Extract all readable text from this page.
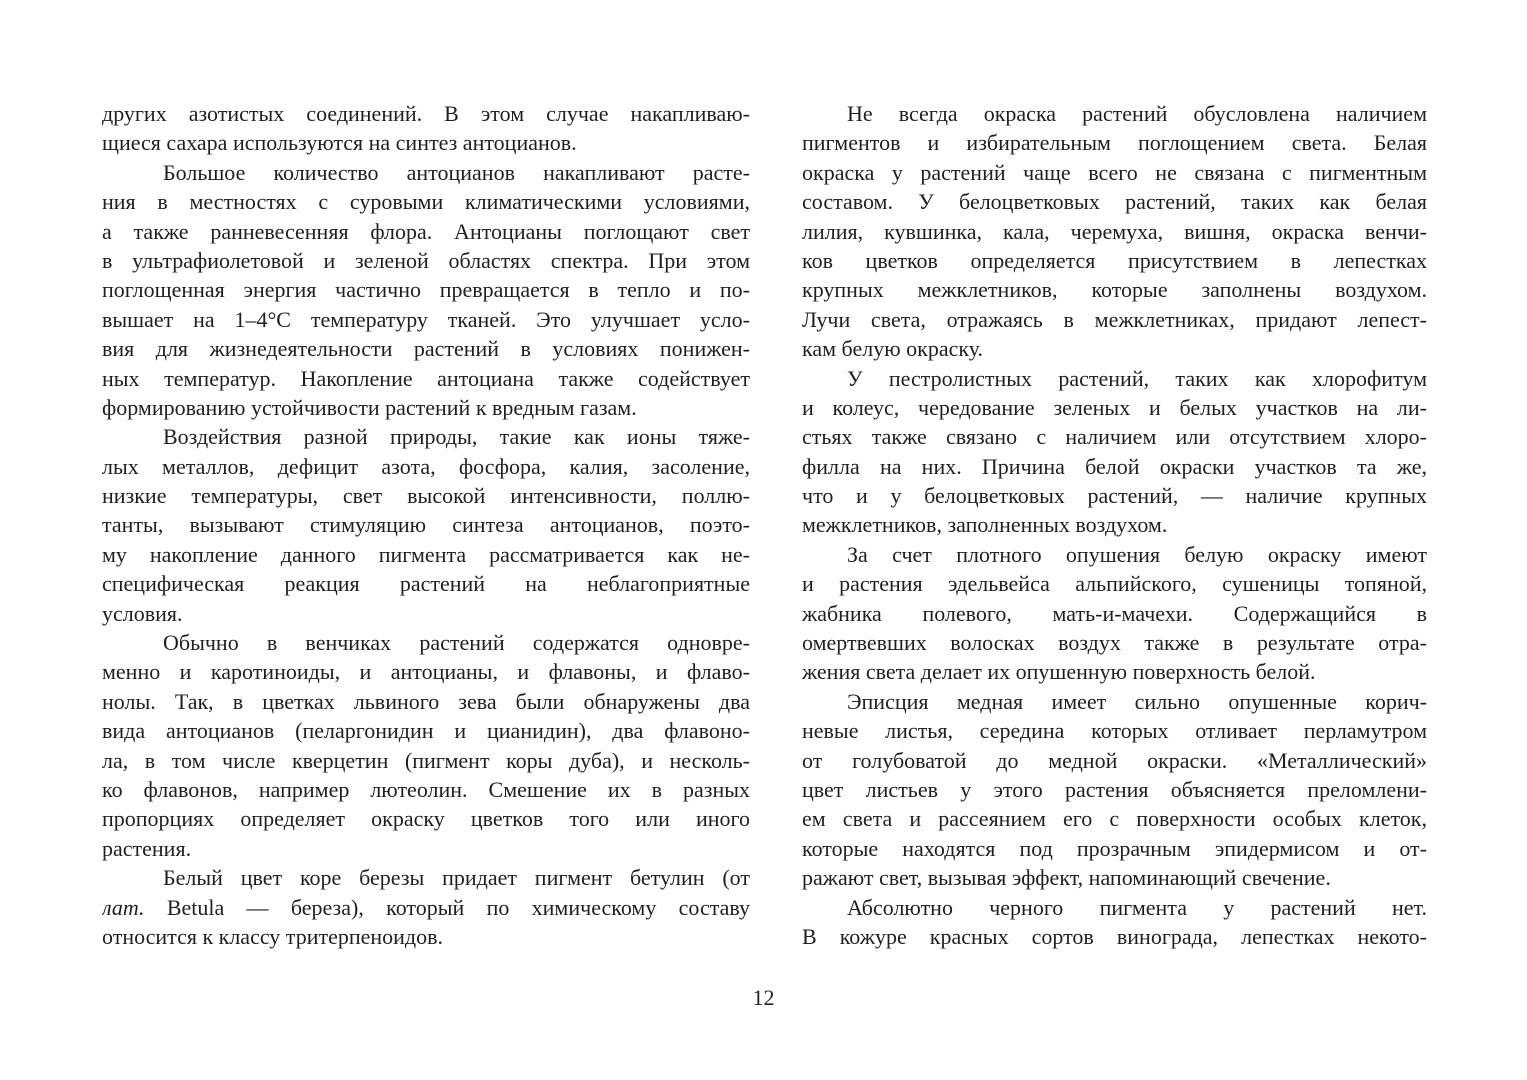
других азотистых соединений. В этом случае накапливаю-
щиеся сахара используются на синтез антоцианов.
Большое количество антоцианов накапливают расте-
ния в местностях с суровыми климатическими условиями,
а также ранневесенняя флора. Антоцианы поглощают свет
в ультрафиолетовой и зеленой областях спектра. При этом
поглощенная энергия частично превращается в тепло и по-
вышает на 1–4°С температуру тканей. Это улучшает усло-
вия для жизнедеятельности растений в условиях понижен-
ных температур. Накопление антоциана также содействует
формированию устойчивости растений к вредным газам.
Воздействия разной природы, такие как ионы тяже-
лых металлов, дефицит азота, фосфора, калия, засоление,
низкие температуры, свет высокой интенсивности, поллю-
танты, вызывают стимуляцию синтеза антоцианов, поэто-
му накопление данного пигмента рассматривается как не-
специфическая реакция растений на неблагоприятные
условия.
Обычно в венчиках растений содержатся одновре-
менно и каротиноиды, и антоцианы, и флавоны, и флаво-
нолы. Так, в цветках львиного зева были обнаружены два
вида антоцианов (пеларгонидин и цианидин), два флавоно-
ла, в том числе кверцетин (пигмент коры дуба), и несколь-
ко флавонов, например лютеолин. Смешение их в разных
пропорциях определяет окраску цветков того или иного
растения.
Белый цвет коре березы придает пигмент бетулин (от
лат. Betula — береза), который по химическому составу
относится к классу тритерпеноидов.
Не всегда окраска растений обусловлена наличием
пигментов и избирательным поглощением света. Белая
окраска у растений чаще всего не связана с пигментным
составом. У белоцветковых растений, таких как белая
лилия, кувшинка, кала, черемуха, вишня, окраска венчи-
ков цветков определяется присутствием в лепестках
крупных межклетников, которые заполнены воздухом.
Лучи света, отражаясь в межклетниках, придают лепест-
кам белую окраску.
У пестролистных растений, таких как хлорофитум
и колеус, чередование зеленых и белых участков на ли-
стьях также связано с наличием или отсутствием хлоро-
филла на них. Причина белой окраски участков та же,
что и у белоцветковых растений, — наличие крупных
межклетников, заполненных воздухом.
За счет плотного опушения белую окраску имеют
и растения эдельвейса альпийского, сушеницы топяной,
жабника полевого, мать-и-мачехи. Содержащийся в
омертвевших волосках воздух также в результате отра-
жения света делает их опушенную поверхность белой.
Эписция медная имеет сильно опушенные корич-
невые листья, середина которых отливает перламутром
от голубоватой до медной окраски. «Металлический»
цвет листьев у этого растения объясняется преломлени-
ем света и рассеянием его с поверхности особых клеток,
которые находятся под прозрачным эпидермисом и от-
ражают свет, вызывая эффект, напоминающий свечение.
Абсолютно черного пигмента у растений нет.
В кожуре красных сортов винограда, лепестках некото-
12
